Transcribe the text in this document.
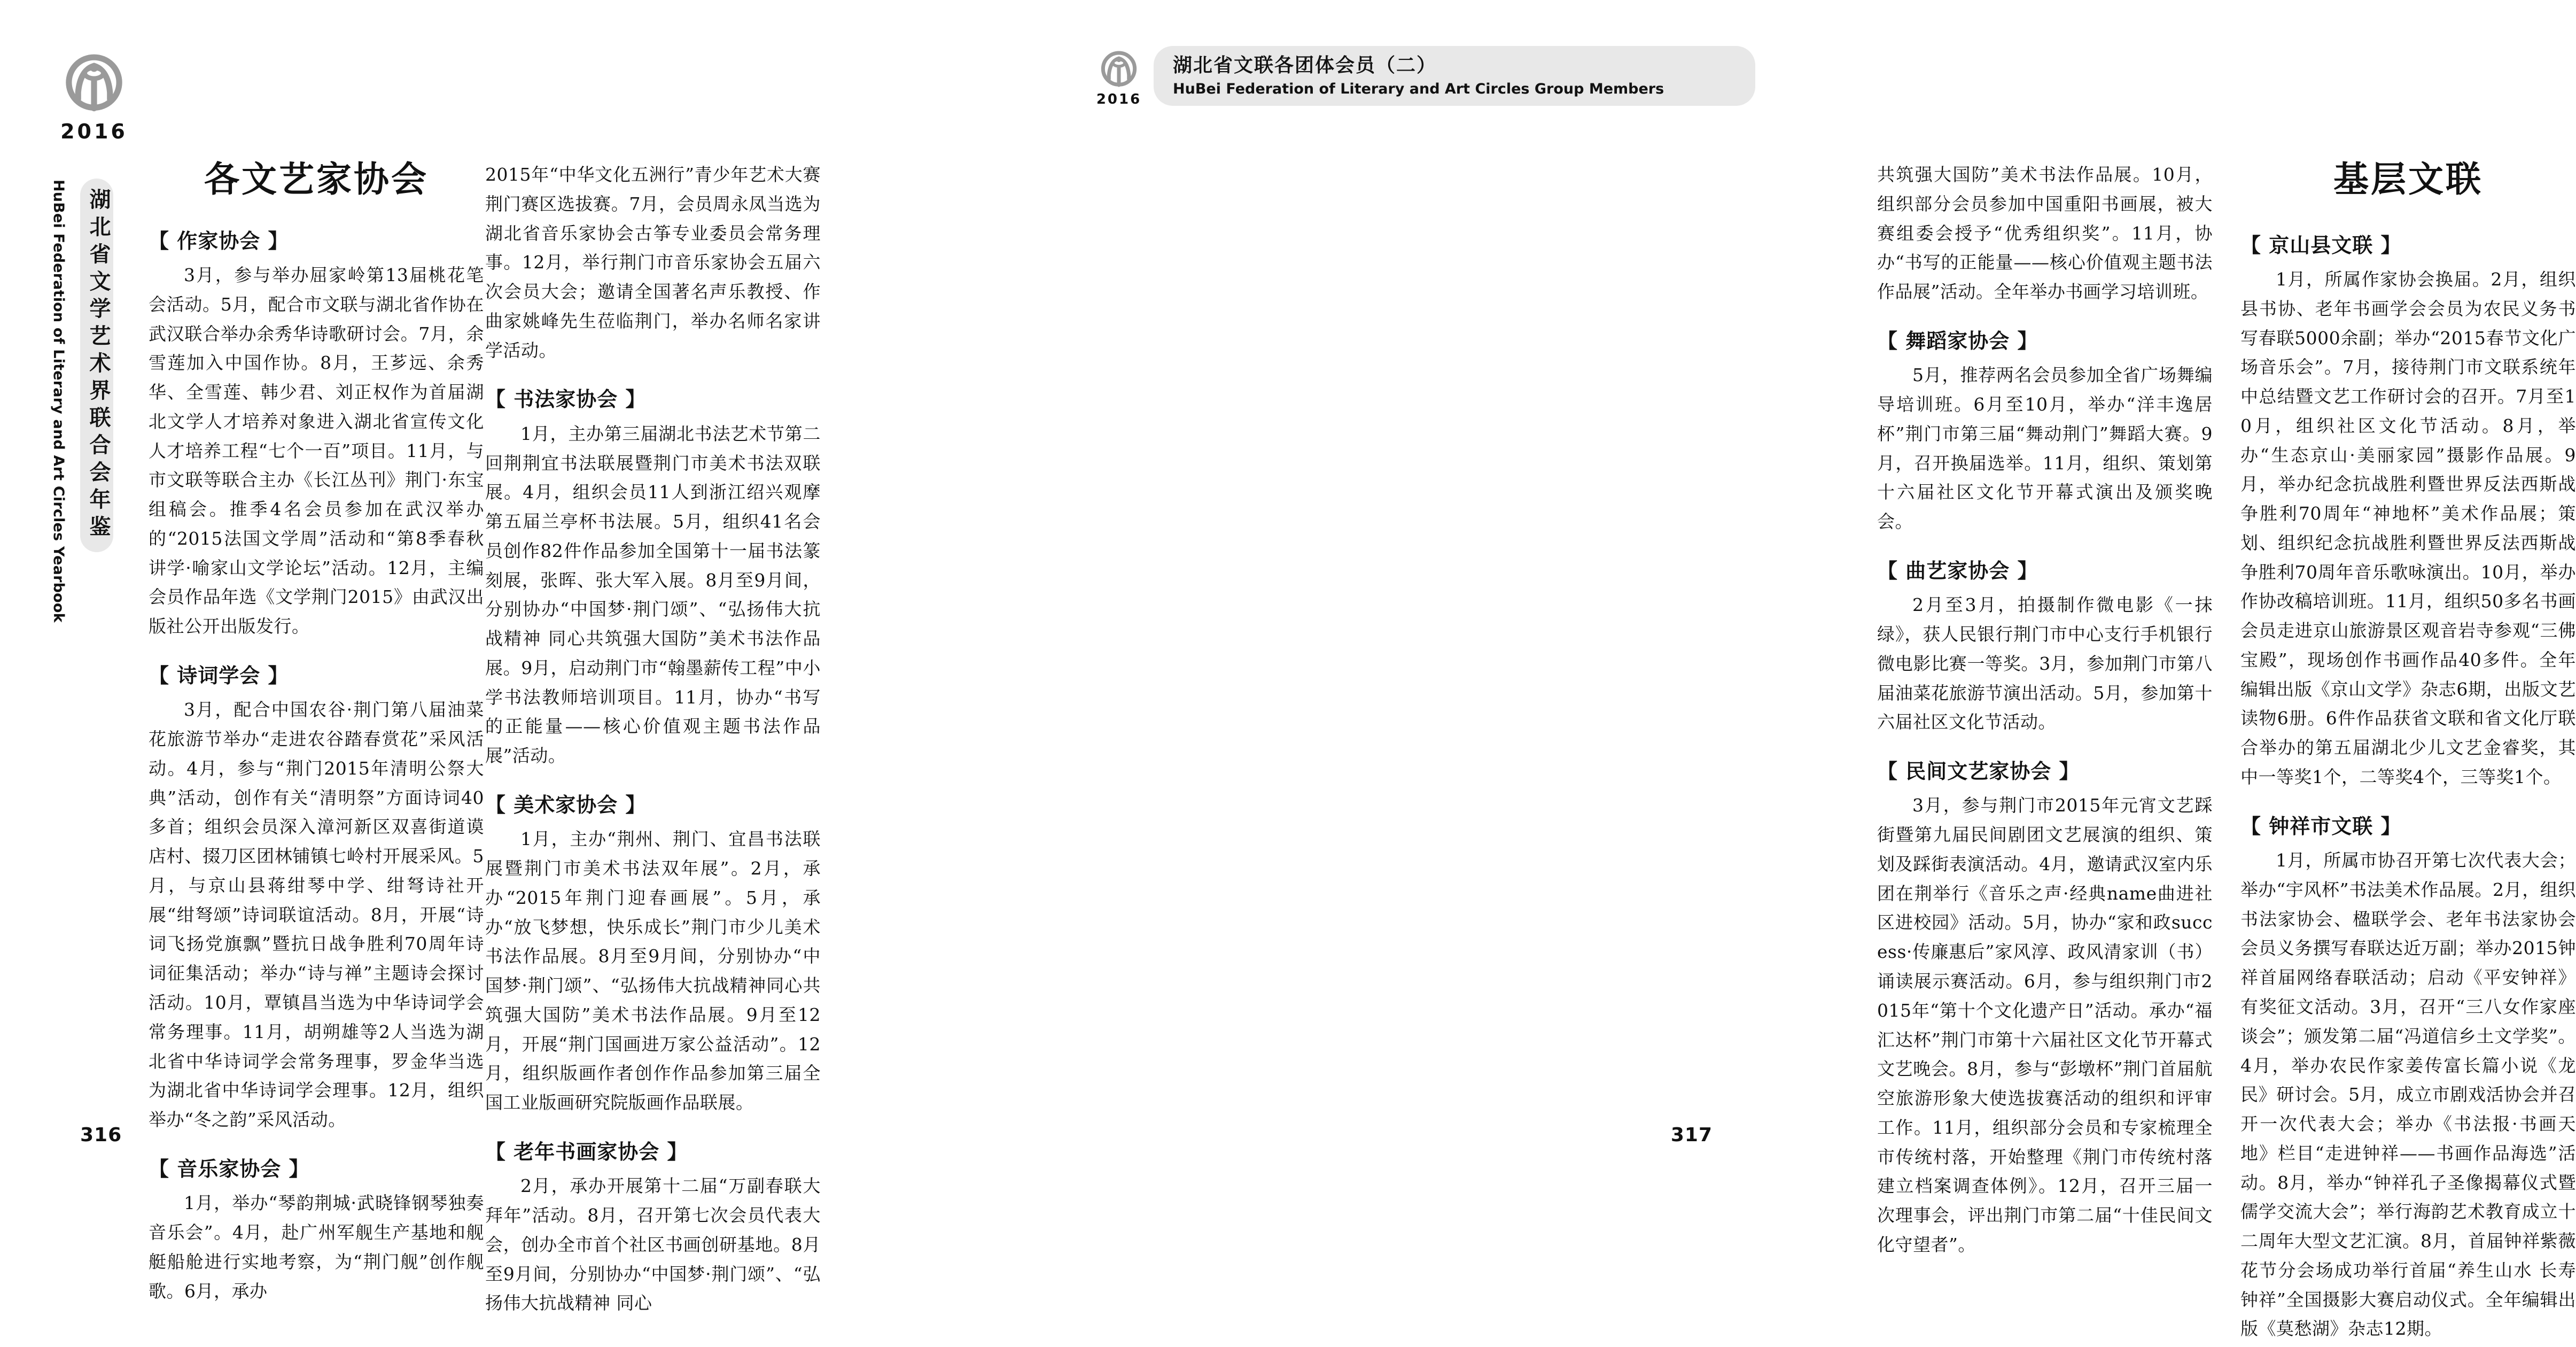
2016
HuBei Federation of Literary and Art Circles Yearbook 湖北省文学艺术界联合会年鉴
各文艺家协会
【 作家协会 】

3月，参与举办屈家岭第13届桃花笔会活动。5月，配合市文联与湖北省作协在武汉联合举办余秀华诗歌研讨会。7月，余雪莲加入中国作协。8月，王芗远、余秀华、全雪莲、韩少君、刘正权作为首届湖北文学人才培养对象进入湖北省宣传文化人才培养工程“七个一百”项目。11月，与市文联等联合主办《长江丛刊》荆门·东宝组稿会。推季4名会员参加在武汉举办的“2015法国文学周”活动和“第8季春秋讲学·喻家山文学论坛”活动。12月，主编会员作品年选《文学荆门2015》由武汉出版社公开出版发行。

【 诗词学会 】

3月，配合中国农谷·荆门第八届油菜花旅游节举办“走进农谷踏春赏花”采风活动。4月，参与“荆门2015年清明公祭大典”活动，创作有关“清明祭”方面诗词40多首；组织会员深入漳河新区双喜街道谟店村、掇刀区团林铺镇七岭村开展采风。5月，与京山县蒋绀琴中学、绀弩诗社开展“绀弩颂”诗词联谊活动。8月，开展“诗词飞扬党旗飘”暨抗日战争胜利70周年诗词征集活动；举办“诗与禅”主题诗会探讨活动。10月，覃镇昌当选为中华诗词学会常务理事。11月，胡朔雄等2人当选为湖北省中华诗词学会常务理事，罗金华当选为湖北省中华诗词学会理事。12月，组织举办“冬之韵”采风活动。

【 音乐家协会 】

1月，举办“琴韵荆城·武晓锋钢琴独奏音乐会”。4月，赴广州军舰生产基地和舰艇船舱进行实地考察，为“荆门舰”创作舰歌。6月，承办

2015年“中华文化五洲行”青少年艺术大赛荆门赛区选拔赛。7月，会员周永凤当选为湖北省音乐家协会古筝专业委员会常务理事。12月，举行荆门市音乐家协会五届六次会员大会；邀请全国著名声乐教授、作曲家姚峰先生莅临荆门，举办名师名家讲学活动。

【 书法家协会 】

1月，主办第三届湖北书法艺术节第二回荆荆宜书法联展暨荆门市美术书法双联展。4月，组织会员11人到浙江绍兴观摩第五届兰亭杯书法展。5月，组织41名会员创作82件作品参加全国第十一届书法篆刻展，张晖、张大军入展。8月至9月间，分别协办“中国梦·荆门颂”、“弘扬伟大抗战精神 同心共筑强大国防”美术书法作品展。9月，启动荆门市“翰墨薪传工程”中小学书法教师培训项目。11月，协办“书写的正能量——核心价值观主题书法作品展”活动。

【 美术家协会 】

1月，主办“荆州、荆门、宜昌书法联展暨荆门市美术书法双年展”。2月，承办“2015年荆门迎春画展”。5月，承办“放飞梦想，快乐成长”荆门市少儿美术书法作品展。8月至9月间，分别协办“中国梦·荆门颂”、“弘扬伟大抗战精神同心共筑强大国防”美术书法作品展。9月至12月，开展“荆门国画进万家公益活动”。12月，组织版画作者创作作品参加第三届全国工业版画研究院版画作品联展。

【 老年书画家协会 】

2月，承办开展第十二届“万副春联大拜年”活动。8月，召开第七次会员代表大会，创办全市首个社区书画创研基地。8月至9月间，分别协办“中国梦·荆门颂”、“弘扬伟大抗战精神 同心

316
2016
湖北省文联各团体会员（二）
HuBei Federation of Literary and Art Circles Group Members

共筑强大国防”美术书法作品展。10月，组织部分会员参加中国重阳书画展，被大赛组委会授予“优秀组织奖”。11月，协办“书写的正能量——核心价值观主题书法作品展”活动。全年举办书画学习培训班。

【 舞蹈家协会 】

5月，推荐两名会员参加全省广场舞编导培训班。6月至10月，举办“洋丰逸居杯”荆门市第三届“舞动荆门”舞蹈大赛。9月，召开换届选举。11月，组织、策划第十六届社区文化节开幕式演出及颁奖晚会。

【 曲艺家协会 】

2月至3月，拍摄制作微电影《一抹绿》，获人民银行荆门市中心支行手机银行微电影比赛一等奖。3月，参加荆门市第八届油菜花旅游节演出活动。5月，参加第十六届社区文化节活动。

【 民间文艺家协会 】

3月，参与荆门市2015年元宵文艺踩街暨第九届民间剧团文艺展演的组织、策划及踩街表演活动。4月，邀请武汉室内乐团在荆举行《音乐之声·经典name曲进社区进校园》活动。5月，协办“家和政success·传廉惠后”家风淳、政风清家训（书）诵读展示赛活动。6月，参与组织荆门市2015年“第十个文化遗产日”活动。承办“福汇达杯”荆门市第十六届社区文化节开幕式文艺晚会。8月，参与“彭墩杯”荆门首届航空旅游形象大使选拔赛活动的组织和评审工作。11月，组织部分会员和专家梳理全市传统村落，开始整理《荆门市传统村落建立档案调查体例》。12月，召开三届一次理事会，评出荆门市第二届“十佳民间文化守望者”。

基层文联
【 京山县文联 】

1月，所属作家协会换届。2月，组织县书协、老年书画学会会员为农民义务书写春联5000余副；举办“2015春节文化广场音乐会”。7月，接待荆门市文联系统年中总结暨文艺工作研讨会的召开。7月至10月，组织社区文化节活动。8月，举办“生态京山·美丽家园”摄影作品展。9月，举办纪念抗战胜利暨世界反法西斯战争胜利70周年“神地杯”美术作品展；策划、组织纪念抗战胜利暨世界反法西斯战争胜利70周年音乐歌咏演出。10月，举办作协改稿培训班。11月，组织50多名书画会员走进京山旅游景区观音岩寺参观“三佛宝殿”，现场创作书画作品40多件。全年编辑出版《京山文学》杂志6期，出版文艺读物6册。6件作品获省文联和省文化厅联合举办的第五届湖北少儿文艺金睿奖，其中一等奖1个，二等奖4个，三等奖1个。

【 钟祥市文联 】

1月，所属市协召开第七次代表大会；举办“宇风杯”书法美术作品展。2月，组织书法家协会、楹联学会、老年书法家协会会员义务撰写春联达近万副；举办2015钟祥首届网络春联活动；启动《平安钟祥》有奖征文活动。3月，召开“三八女作家座谈会”；颁发第二届“冯道信乡土文学奖”。4月，举办农民作家姜传富长篇小说《龙民》研讨会。5月，成立市剧戏活协会并召开一次代表大会；举办《书法报·书画天地》栏目“走进钟祥——书画作品海选”活动。8月，举办“钟祥孔子圣像揭幕仪式暨儒学交流大会”；举行海韵艺术教育成立十二周年大型文艺汇演。8月，首届钟祥紫薇花节分会场成功举行首届“养生山水 长寿钟祥”全国摄影大赛启动仪式。全年编辑出版《莫愁湖》杂志12期。

317
